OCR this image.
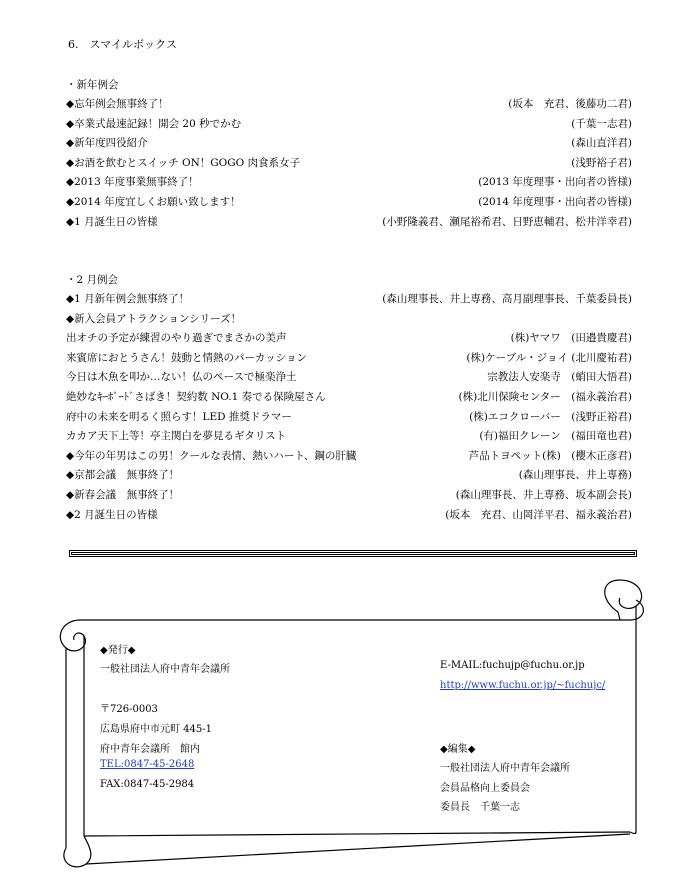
6.　スマイルボックス
・新年例会
◆忘年例会無事終了！	(坂本　充君、後藤功二君)
◆卒業式最速記録！開会 20 秒でかむ	(千葉一志君)
◆新年度四役紹介	(森山直洋君)
◆お酒を飲むとスイッチ ON！GOGO 肉食系女子	(浅野裕子君)
◆2013 年度事業無事終了！	(2013 年度理事・出向者の皆様)
◆2014 年度宜しくお願い致します！	(2014 年度理事・出向者の皆様)
◆1 月誕生日の皆様	(小野隆義君、瀬尾裕希君、日野恵輔君、松井洋幸君)
・2 月例会
◆1 月新年例会無事終了！	(森山理事長、井上専務、高月副理事長、千葉委員長)
◆新入会員アトラクションシリーズ！
出オチの予定が練習のやり過ぎでまさかの美声	(株)ヤマワ　(田邉貴慶君)
来賓席におとうさん！鼓動と情熱のパーカッション	(株)ケーブル・ジョイ (北川慶祐君)
今日は木魚を叩か…ない！仏のペースで極楽浄土	宗教法人安楽寺　(蛸田大悟君)
絶妙なｷｰﾎﾞｰﾄﾞさばき！契約数 NO.1 奏でる保険屋さん	(株)北川保険センター　(福永義治君)
府中の未来を明るく照らす！LED 推奨ドラマー	(株)エコクローバー　(浅野正裕君)
カカア天下上等！亭主関白を夢見るギタリスト	(有)福田クレーン　(福田竜也君)
◆今年の年男はこの男！クールな表情、熱いハート、鋼の肝臓	芦品トヨペット(株)　(櫻木正彦君)
◆京都会議　無事終了！	(森山理事長、井上専務)
◆新春会議　無事終了！	(森山理事長、井上専務、坂本副会長)
◆2 月誕生日の皆様	(坂本　充君、山岡洋平君、福永義治君)
◆発行◆
一般社団法人府中青年会議所
〒726-0003
広島県府中市元町 445-1
府中青年会議所　館内
TEL:0847-45-2648
FAX:0847-45-2984
E-MAIL:fuchujp@fuchu.or.jp
http://www.fuchu.or.jp/~fuchujc/
◆編集◆
一般社団法人府中青年会議所
会員品格向上委員会
委員長　千葉一志
